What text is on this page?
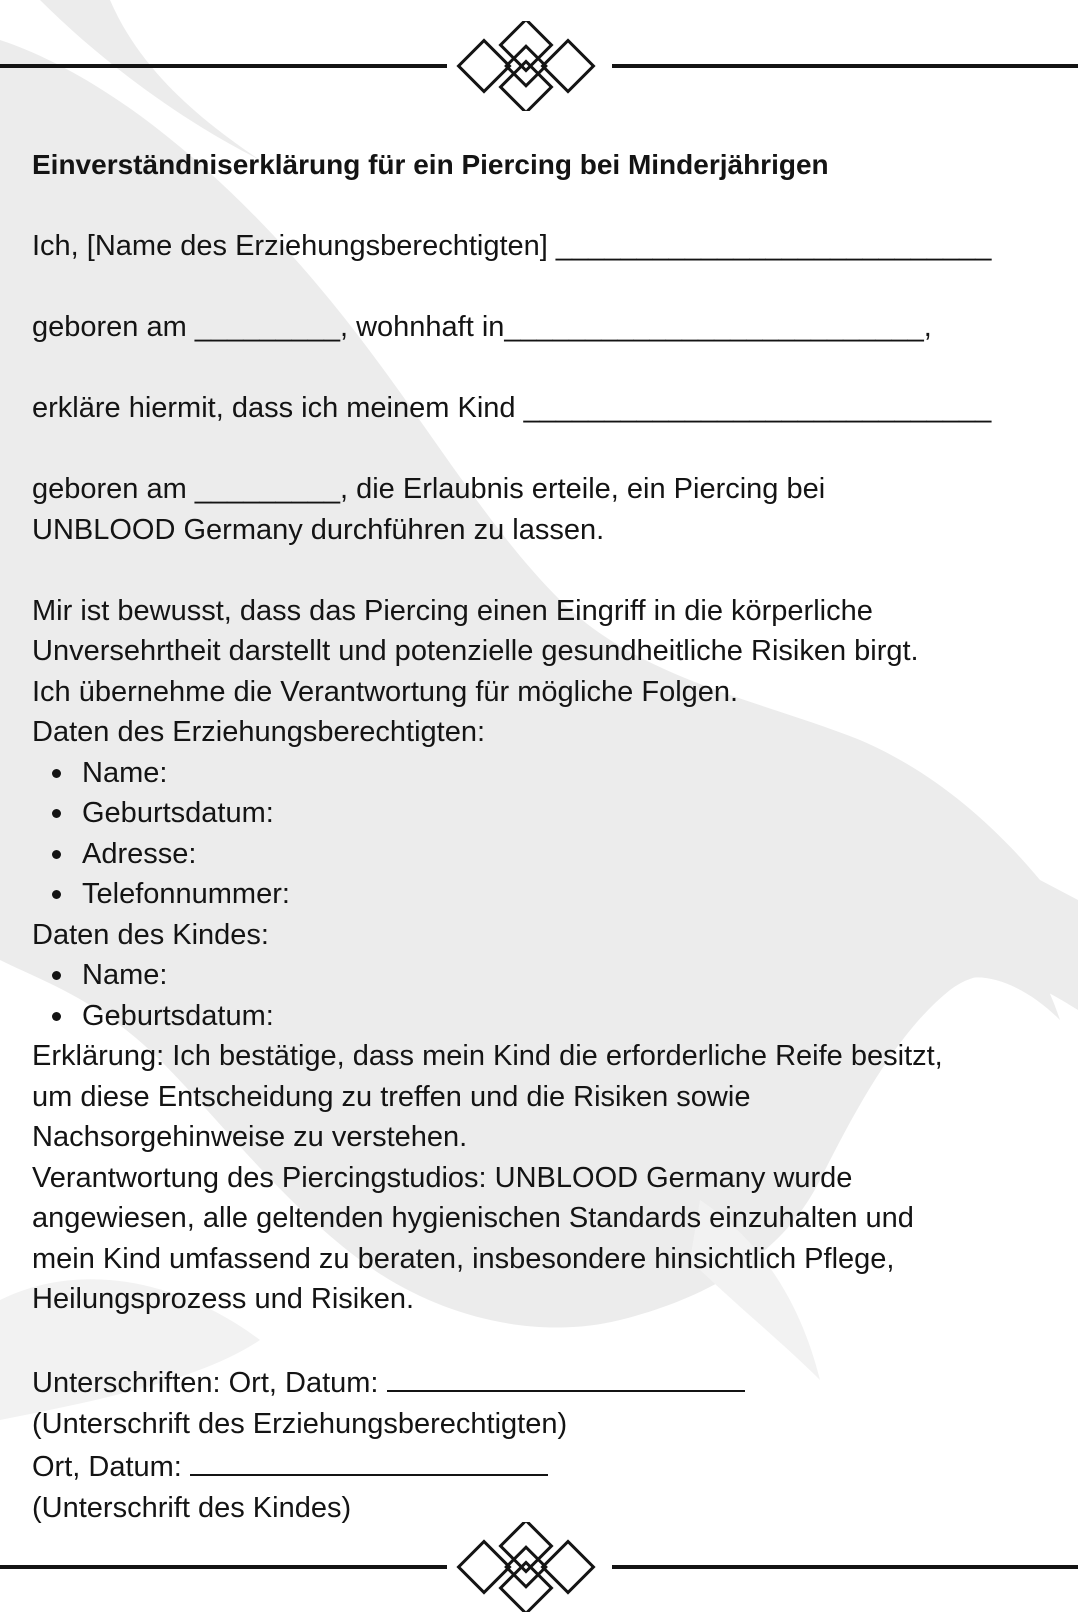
Einverständniserklärung für ein Piercing bei Minderjährigen
Ich, [Name des Erziehungsberechtigten] ___________________________
geboren am _________, wohnhaft in__________________________,
erkläre hiermit, dass ich meinem Kind _____________________________
geboren am _________, die Erlaubnis erteile, ein Piercing bei
UNBLOOD Germany durchführen zu lassen.
Mir ist bewusst, dass das Piercing einen Eingriff in die körperliche
Unversehrtheit darstellt und potenzielle gesundheitliche Risiken birgt.
Ich übernehme die Verantwortung für mögliche Folgen.
Daten des Erziehungsberechtigten:
Name:
Geburtsdatum:
Adresse:
Telefonnummer:
Daten des Kindes:
Name:
Geburtsdatum:
Erklärung: Ich bestätige, dass mein Kind die erforderliche Reife besitzt,
um diese Entscheidung zu treffen und die Risiken sowie
Nachsorgehinweise zu verstehen.
Verantwortung des Piercingstudios: UNBLOOD Germany wurde
angewiesen, alle geltenden hygienischen Standards einzuhalten und
mein Kind umfassend zu beraten, insbesondere hinsichtlich Pflege,
Heilungsprozess und Risiken.
Unterschriften: Ort, Datum:
(Unterschrift des Erziehungsberechtigten)
Ort, Datum:
(Unterschrift des Kindes)
